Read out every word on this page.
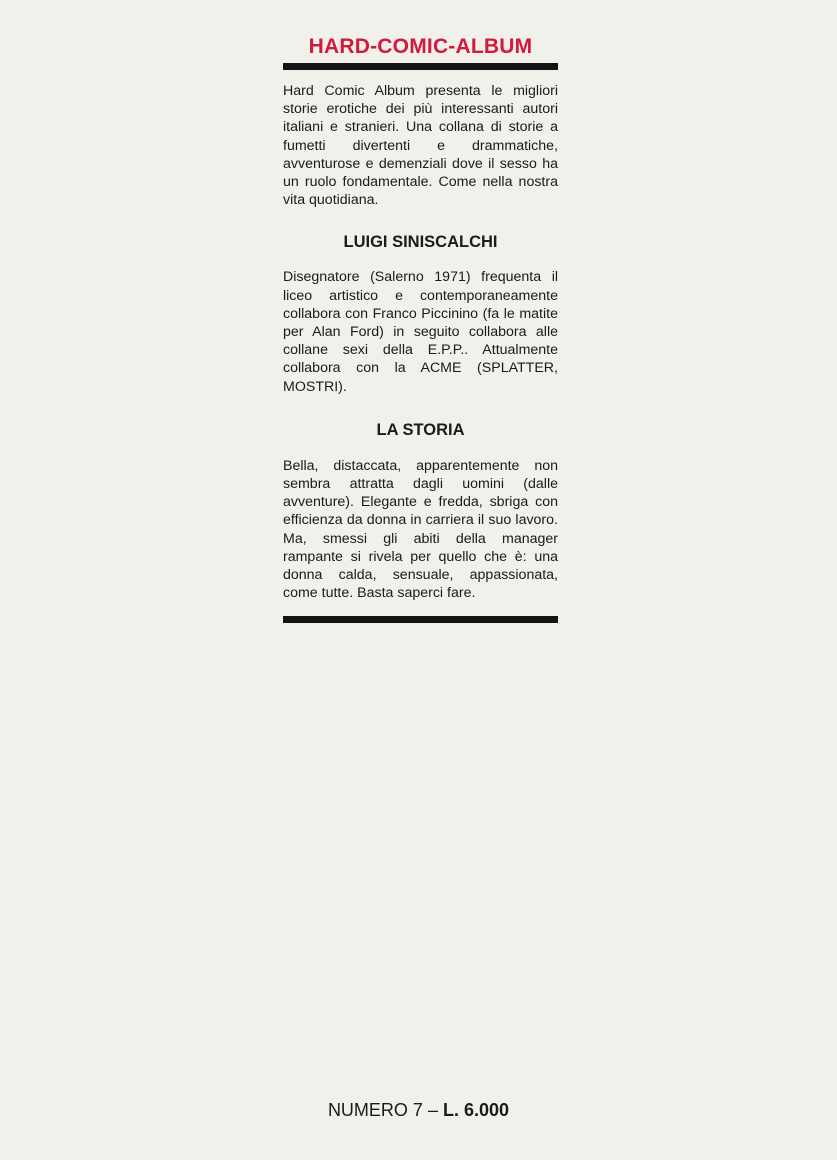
HARD-COMIC-ALBUM

Hard Comic Album presenta le migliori storie erotiche dei più interessanti autori italiani e stranieri. Una collana di storie a fumetti divertenti e drammatiche, avventurose e demenziali dove il sesso ha un ruolo fondamentale. Come nella nostra vita quotidiana.

LUIGI SINISCALCHI

Disegnatore (Salerno 1971) frequenta il liceo artistico e contemporaneamente collabora con Franco Piccinino (fa le matite per Alan Ford) in seguito collabora alle collane sexi della E.P.P.. Attualmente collabora con la ACME (SPLATTER, MOSTRI).

LA STORIA

Bella, distaccata, apparentemente non sembra attratta dagli uomini (dalle avventure). Elegante e fredda, sbriga con efficienza da donna in carriera il suo lavoro. Ma, smessi gli abiti della manager rampante si rivela per quello che è: una donna calda, sensuale, appassionata, come tutte. Basta saperci fare.

NUMERO 7 – L. 6.000
